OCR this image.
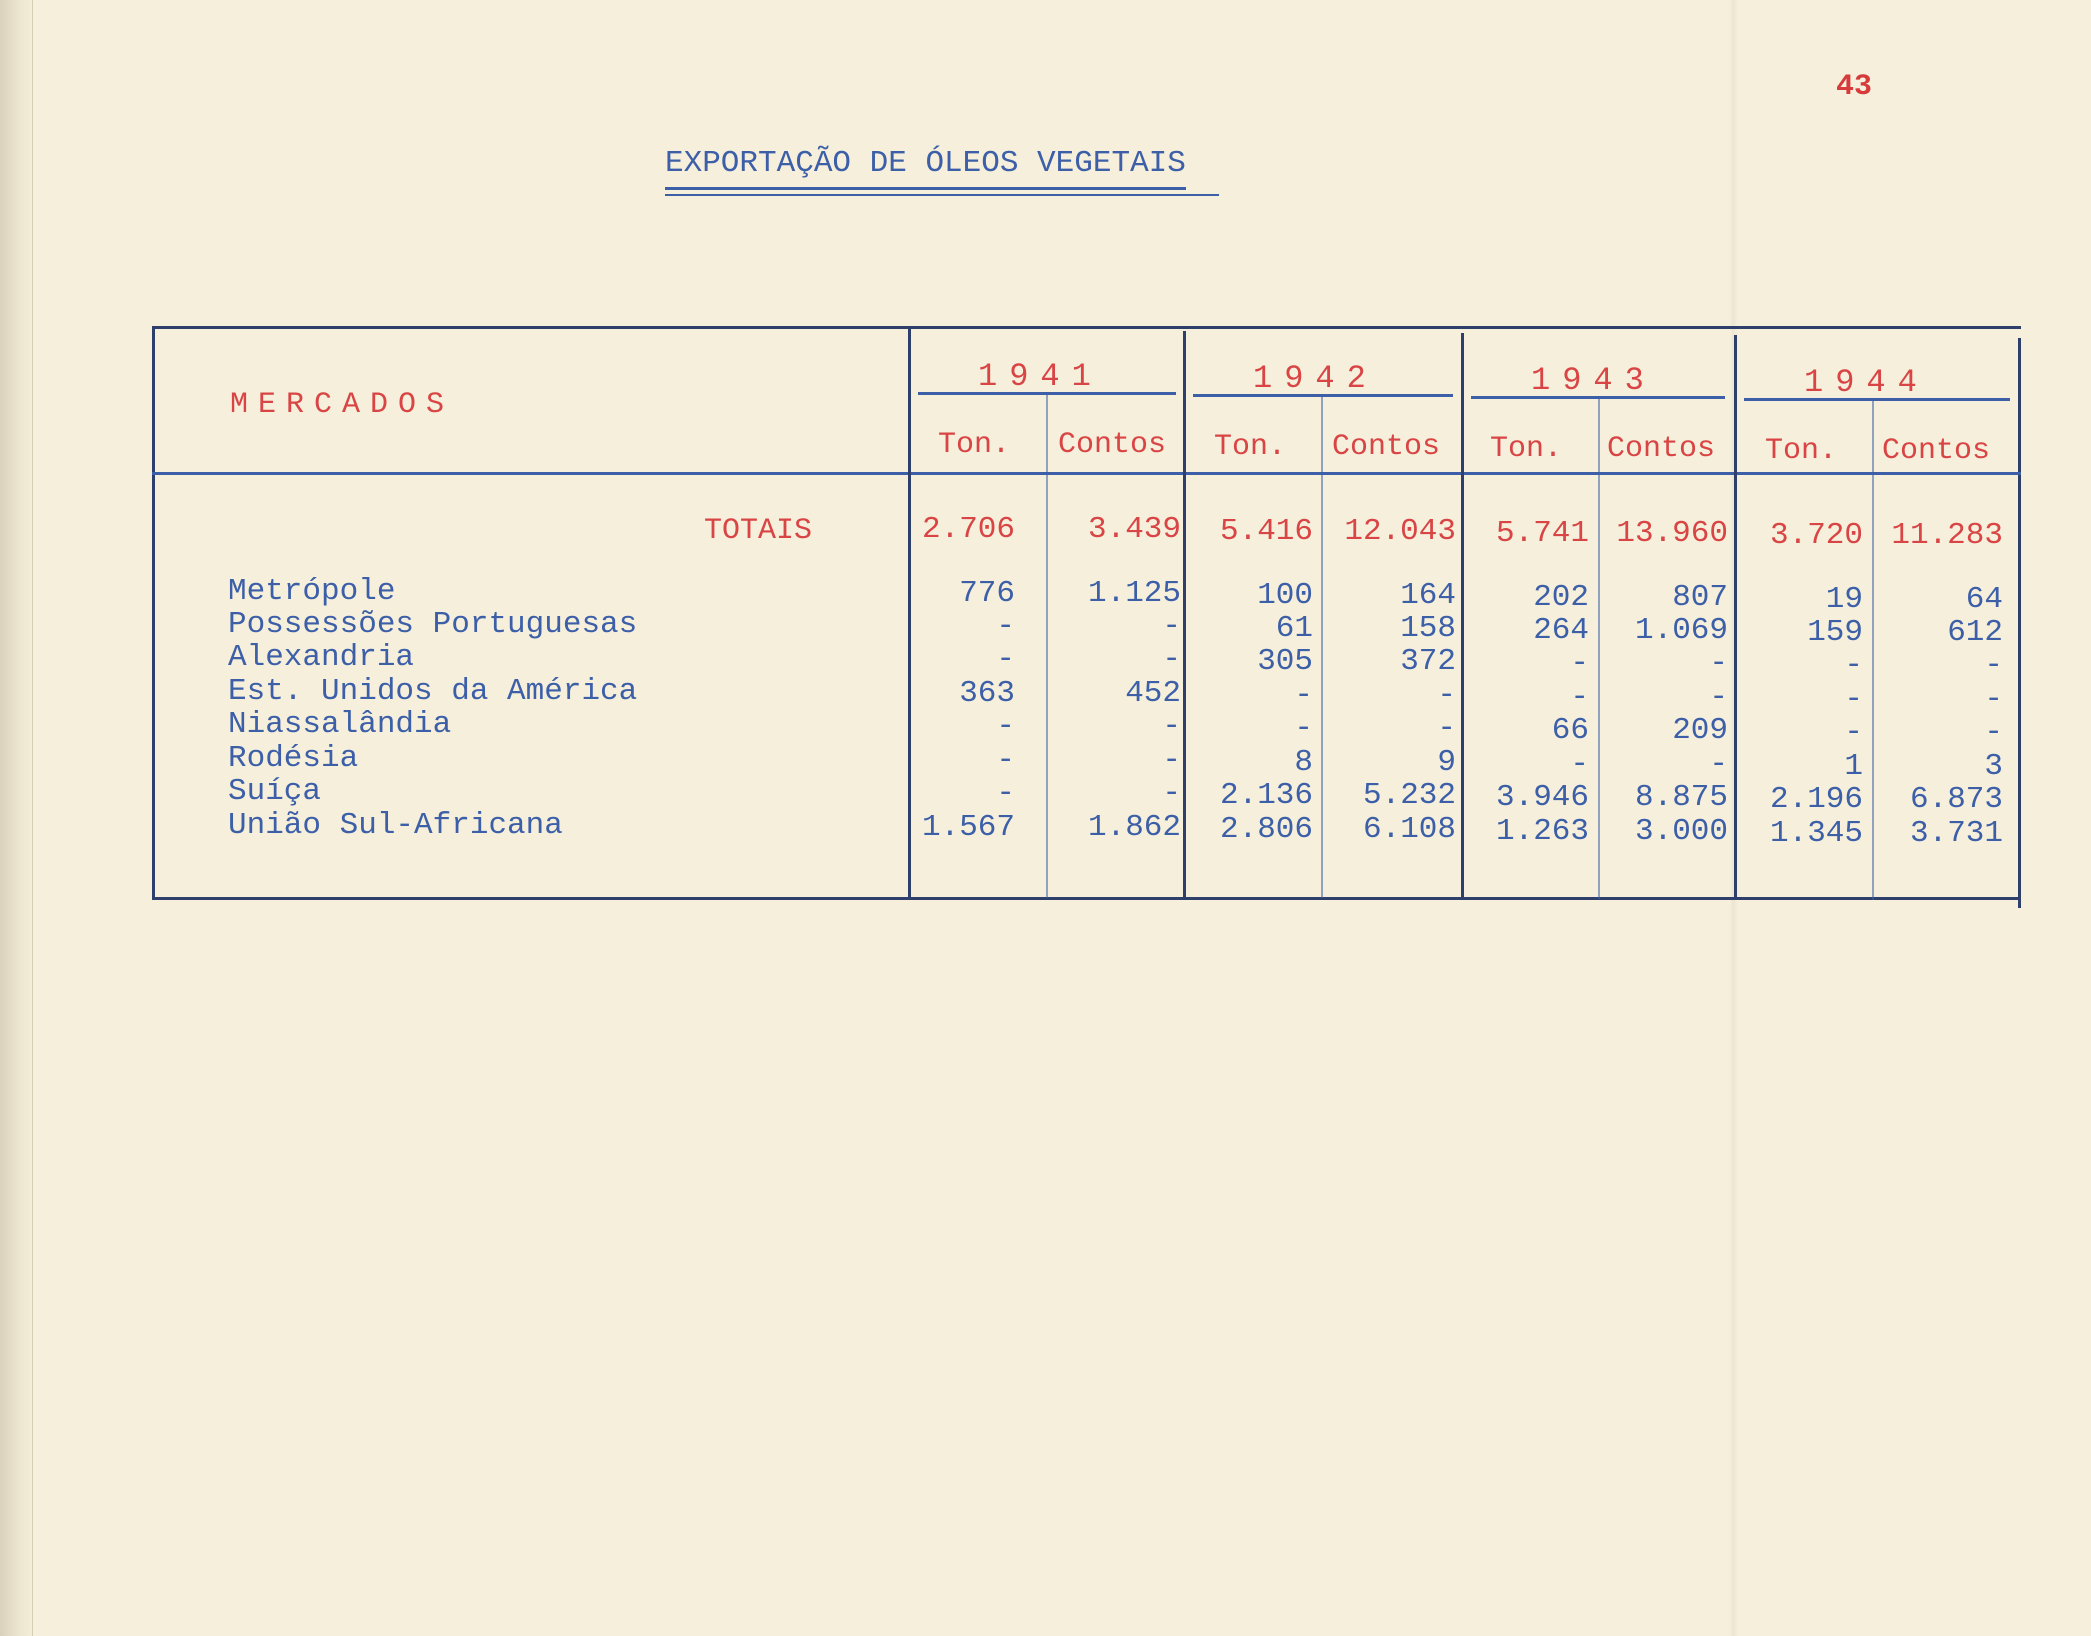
43
EXPORTAÇÃO DE ÓLEOS VEGETAIS
MERCADOS
1941	1942	1943	1944
Ton. Contos Ton. Contos Ton. Contos Ton. Contos
TOTAIS	2.706 3.439 5.416 12.043 5.741 13.960 3.720 11.283
Metrópole	776 1.125 100	164 202	807	19	64
Possessões Portuguesas	-	-	61	158 264 1.069	159	612
Alexandria	-	- 305	372	-	-	-	-
Est. Unidos da América	363	452	-	-	-	-	-	-
Niassalândia	-	-	-	-	66	209	-	-
Rodésia	-	-	8	9	-	-	1	3
Suíça	-	- 2.136 5.232 3.946 8.875 2.196 6.873
União Sul-Africana	1.567 1.862 2.806 6.108 1.263 3.000 1.345 3.731
